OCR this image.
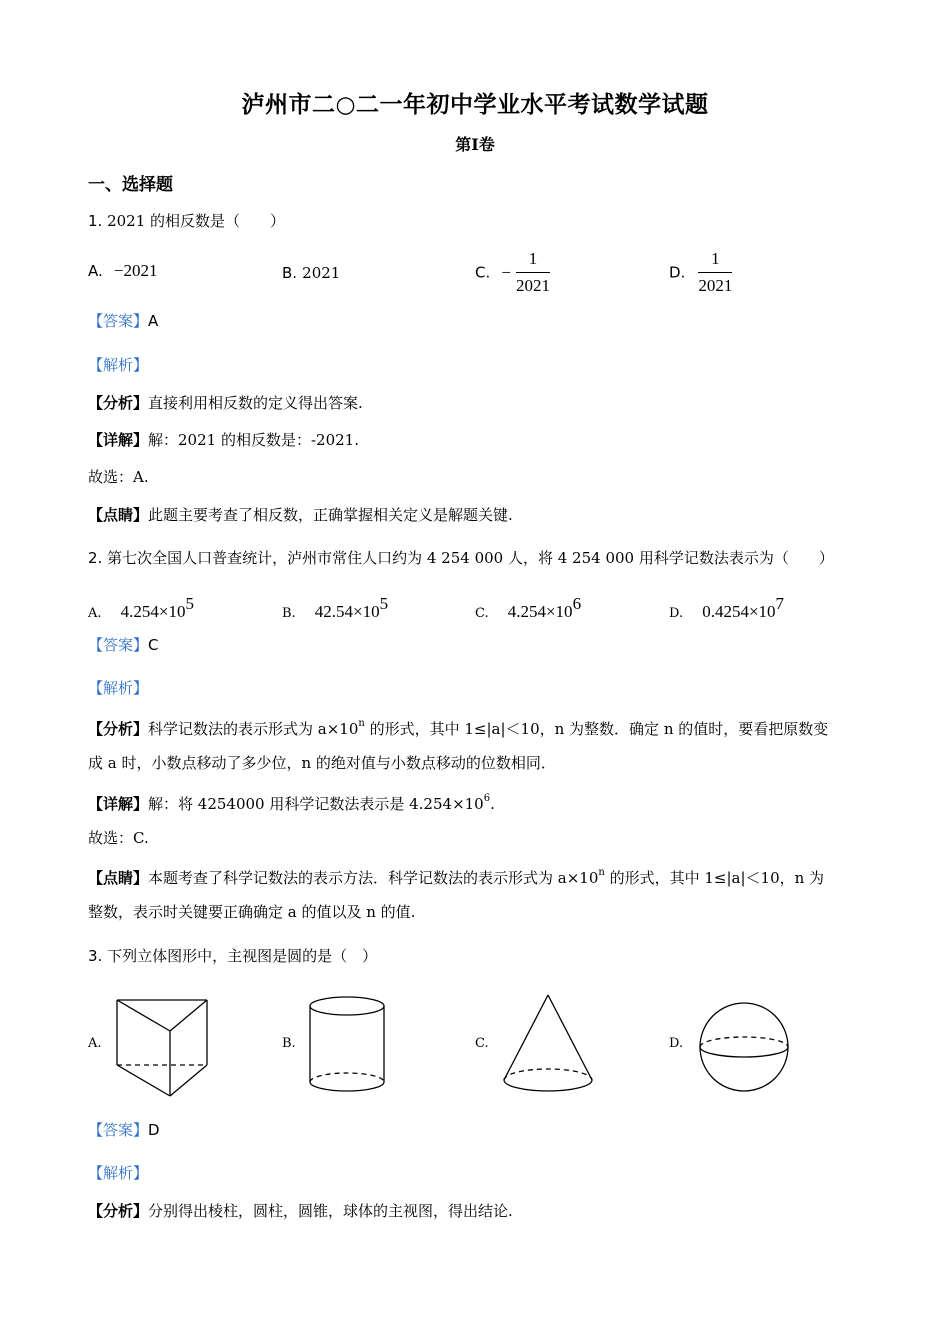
泸州市二○二一年初中学业水平考试数学试题
第Ⅰ卷
一、选择题
1. 2021 的相反数是（　　）
A. −2021	B. 2021	C. − $\frac{1}{2021}$	D. $\frac{1}{2021}$
【答案】A
【解析】
【分析】直接利用相反数的定义得出答案.
【详解】解：2021 的相反数是：-2021.
故选：A.
【点睛】此题主要考查了相反数，正确掌握相关定义是解题关键.
2. 第七次全国人口普查统计，泸州市常住人口约为 4 254 000 人，将 4 254 000 用科学记数法表示为（　　）
A. $4.254\times 10^5$
B. $42.54\times 10^5$
C. $4.254\times 10^6$
D. $0.4254\times 10^7$
【答案】C
【解析】
【分析】科学记数法的表示形式为 $a\times 10^n$ 的形式，其中 1≤|a|＜10，n 为整数．确定 n 的值时，要看把原数变
成 a 时，小数点移动了多少位，n 的绝对值与小数点移动的位数相同．
【详解】解：将 4254000 用科学记数法表示是 $4.254\times 10^6$.
故选：C.
【点睛】本题考查了科学记数法的表示方法．科学记数法的表示形式为 $a\times 10^n$ 的形式，其中 1≤|a|＜10，n 为
整数，表示时关键要正确确定 a 的值以及 n 的值.
3. 下列立体图形中，主视图是圆的是（　）
A.	B.	C.	D.
【答案】D
【解析】
【分析】分别得出棱柱，圆柱，圆锥，球体的主视图，得出结论.
